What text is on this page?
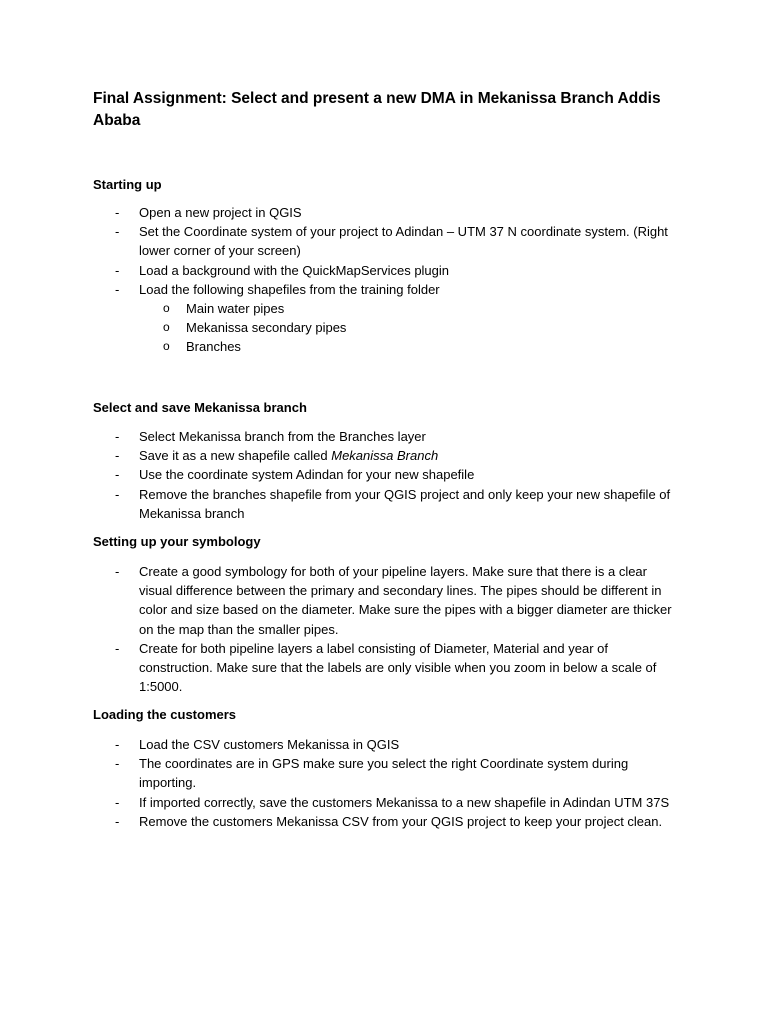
Final Assignment: Select and present a new DMA in Mekanissa Branch Addis Ababa
Starting up
- Open a new project in QGIS
- Set the Coordinate system of your project to Adindan – UTM 37 N coordinate system. (Right lower corner of your screen)
- Load a background with the QuickMapServices plugin
- Load the following shapefiles from the training folder
o Main water pipes
o Mekanissa secondary pipes
o Branches
Select and save Mekanissa branch
- Select Mekanissa branch from the Branches layer
- Save it as a new shapefile called Mekanissa Branch
- Use the coordinate system Adindan for your new shapefile
- Remove the branches shapefile from your QGIS project and only keep your new shapefile of Mekanissa branch
Setting up your symbology
- Create a good symbology for both of your pipeline layers. Make sure that there is a clear visual difference between the primary and secondary lines. The pipes should be different in color and size based on the diameter. Make sure the pipes with a bigger diameter are thicker on the map than the smaller pipes.
- Create for both pipeline layers a label consisting of Diameter, Material and year of construction. Make sure that the labels are only visible when you zoom in below a scale of 1:5000.
Loading the customers
- Load the CSV customers Mekanissa in QGIS
- The coordinates are in GPS make sure you select the right Coordinate system during importing.
- If imported correctly, save the customers Mekanissa to a new shapefile in Adindan UTM 37S
- Remove the customers Mekanissa CSV from your QGIS project to keep your project clean.
